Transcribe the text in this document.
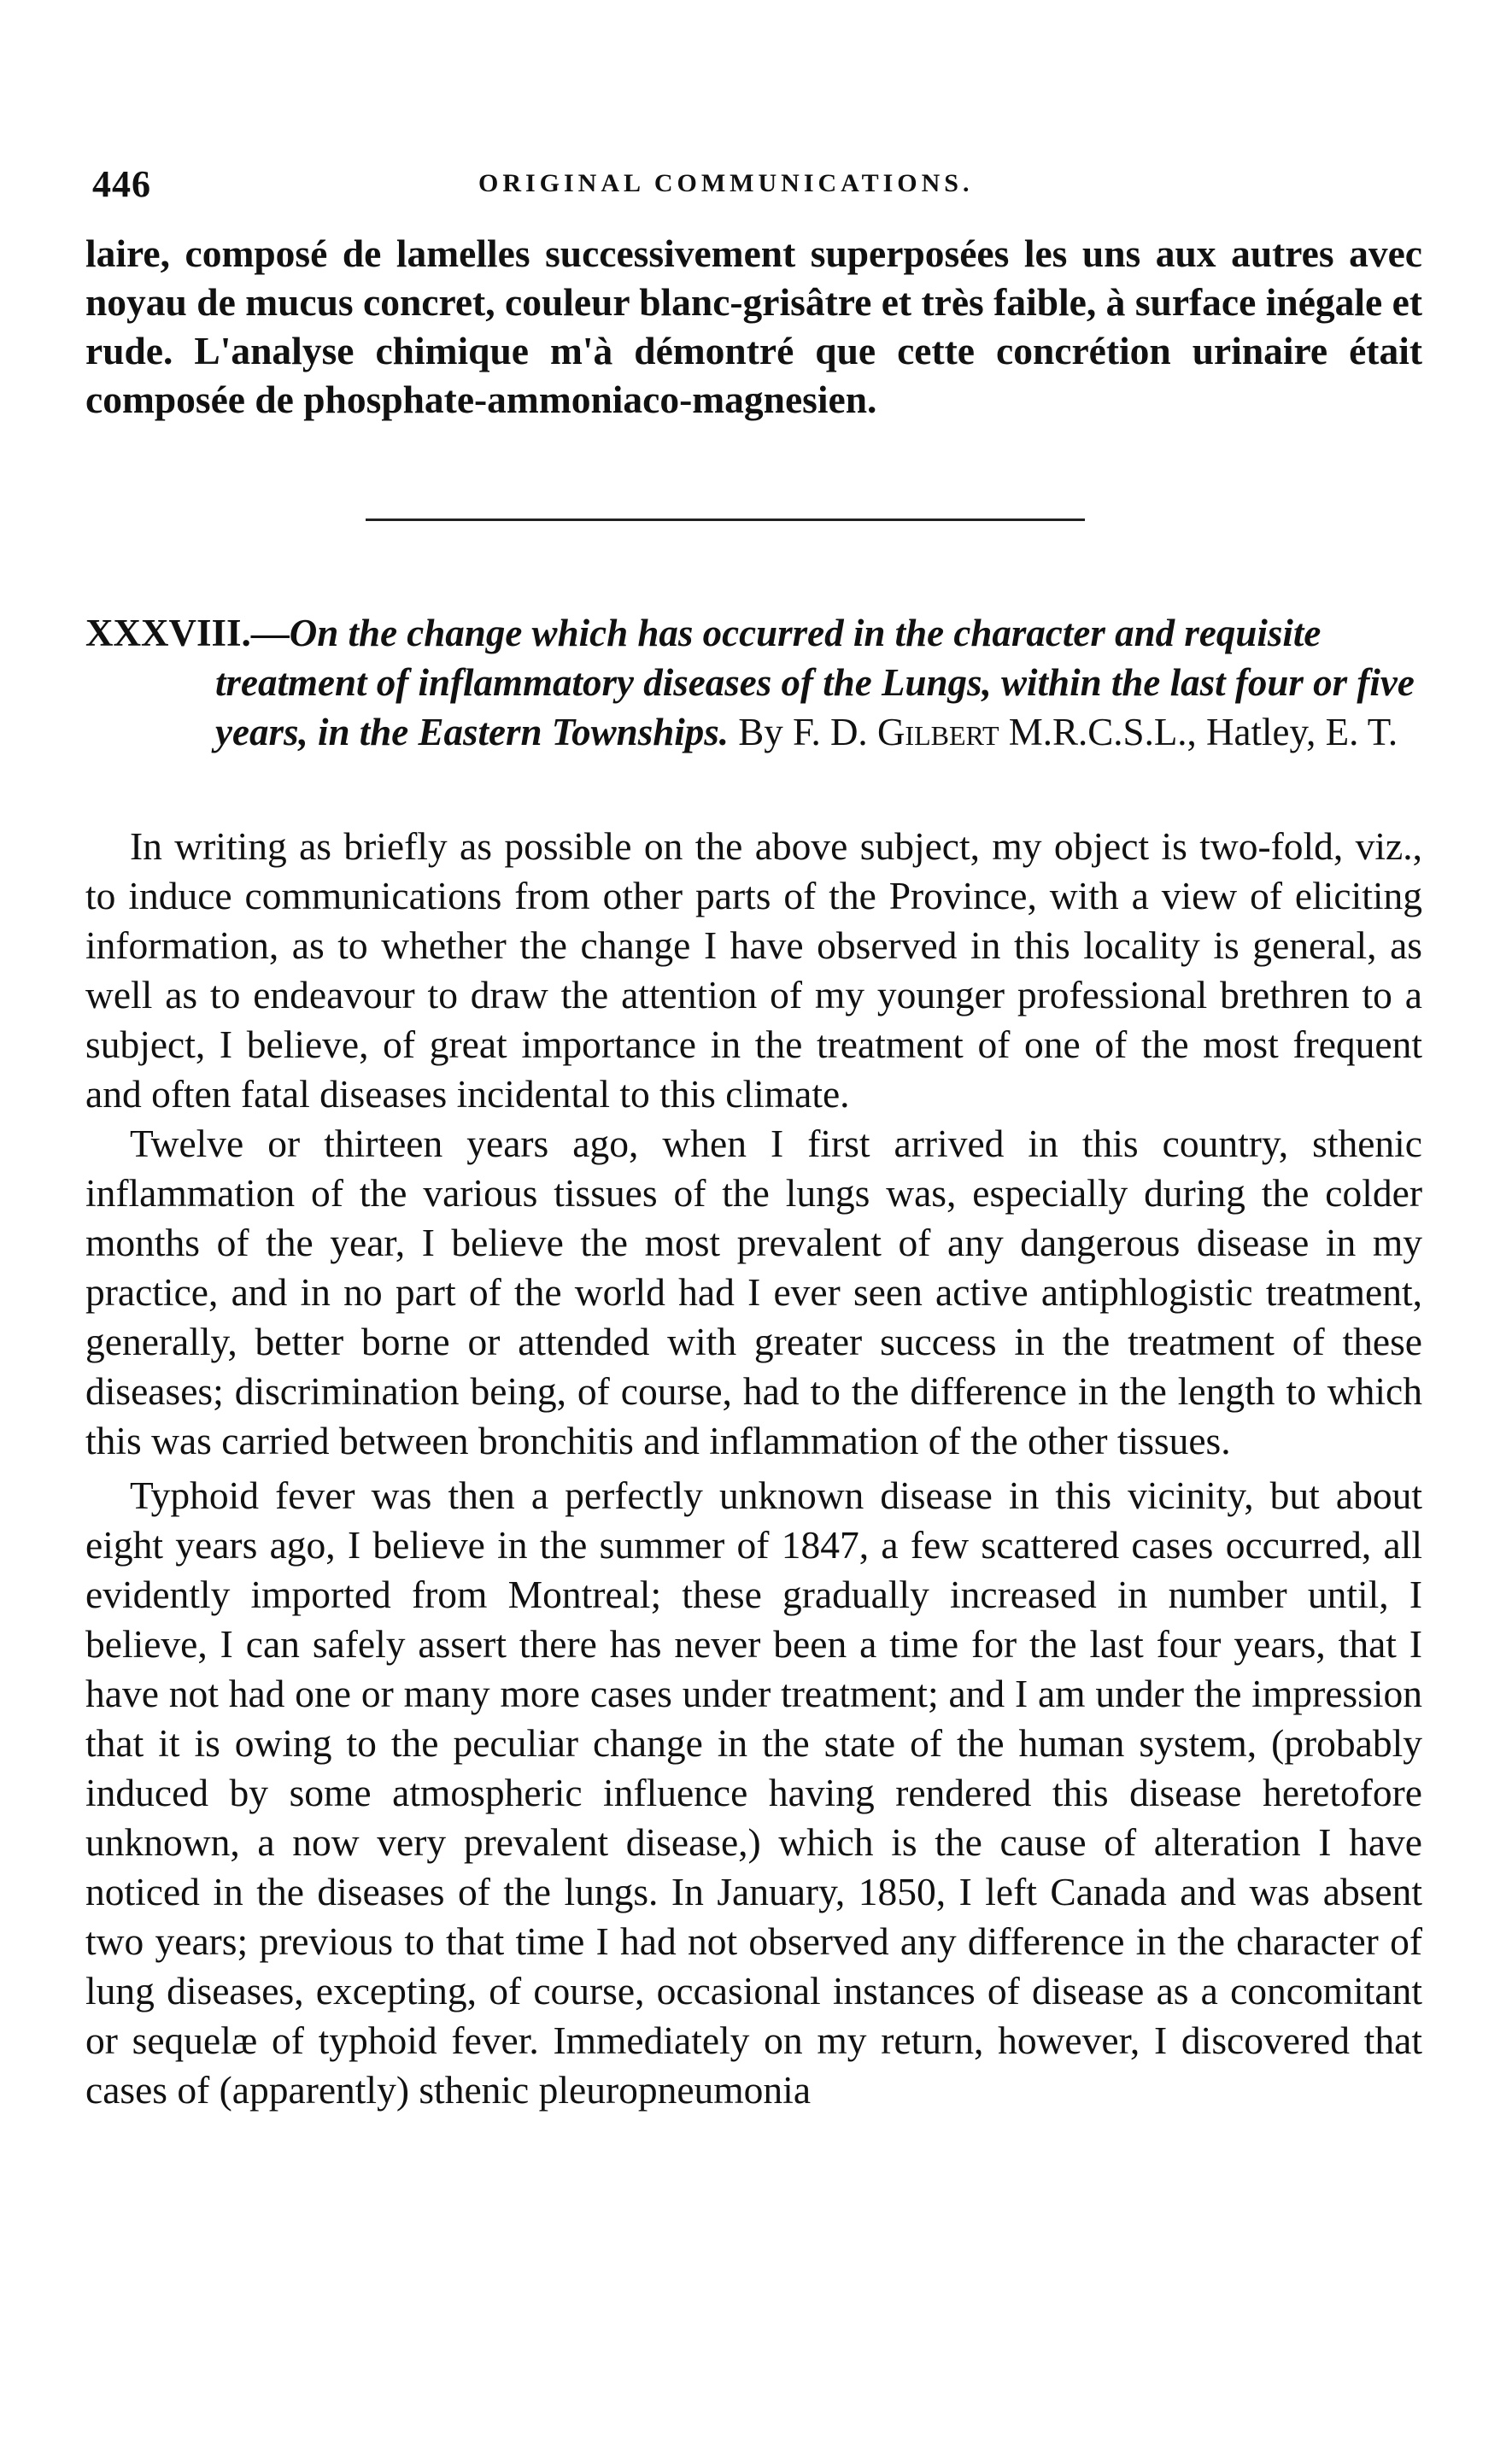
446	ORIGINAL COMMUNICATIONS.
laire, composé de lamelles successivement superposées les uns aux autres avec noyau de mucus concret, couleur blanc-grisâtre et très faible, à surface inégale et rude. L'analyse chimique m'à démontré que cette concrétion urinaire était composée de phosphate-ammoniaco-magnesien.
XXXVIII.—On the change which has occurred in the character and requisite treatment of inflammatory diseases of the Lungs, within the last four or five years, in the Eastern Townships. By F. D. Gilbert M.R.C.S.L., Hatley, E. T.

In writing as briefly as possible on the above subject, my object is two-fold, viz., to induce communications from other parts of the Province, with a view of eliciting information, as to whether the change I have observed in this locality is general, as well as to endeavour to draw the attention of my younger professional brethren to a subject, I believe, of great importance in the treatment of one of the most frequent and often fatal diseases incidental to this climate.

Twelve or thirteen years ago, when I first arrived in this country, sthenic inflammation of the various tissues of the lungs was, especially during the colder months of the year, I believe the most prevalent of any dangerous disease in my practice, and in no part of the world had I ever seen active antiphlogistic treatment, generally, better borne or attended with greater success in the treatment of these diseases; discrimination being, of course, had to the difference in the length to which this was carried between bronchitis and inflammation of the other tissues.

Typhoid fever was then a perfectly unknown disease in this vicinity, but about eight years ago, I believe in the summer of 1847, a few scattered cases occurred, all evidently imported from Montreal; these gradually increased in number until, I believe, I can safely assert there has never been a time for the last four years, that I have not had one or many more cases under treatment; and I am under the impression that it is owing to the peculiar change in the state of the human system, (probably induced by some atmospheric influence having rendered this disease heretofore unknown, a now very prevalent disease,) which is the cause of alteration I have noticed in the diseases of the lungs. In January, 1850, I left Canada and was absent two years; previous to that time I had not observed any difference in the character of lung diseases, excepting, of course, occasional instances of disease as a concomitant or sequelæ of typhoid fever. Immediately on my return, however, I discovered that cases of (apparently) sthenic pleuropneumonia
